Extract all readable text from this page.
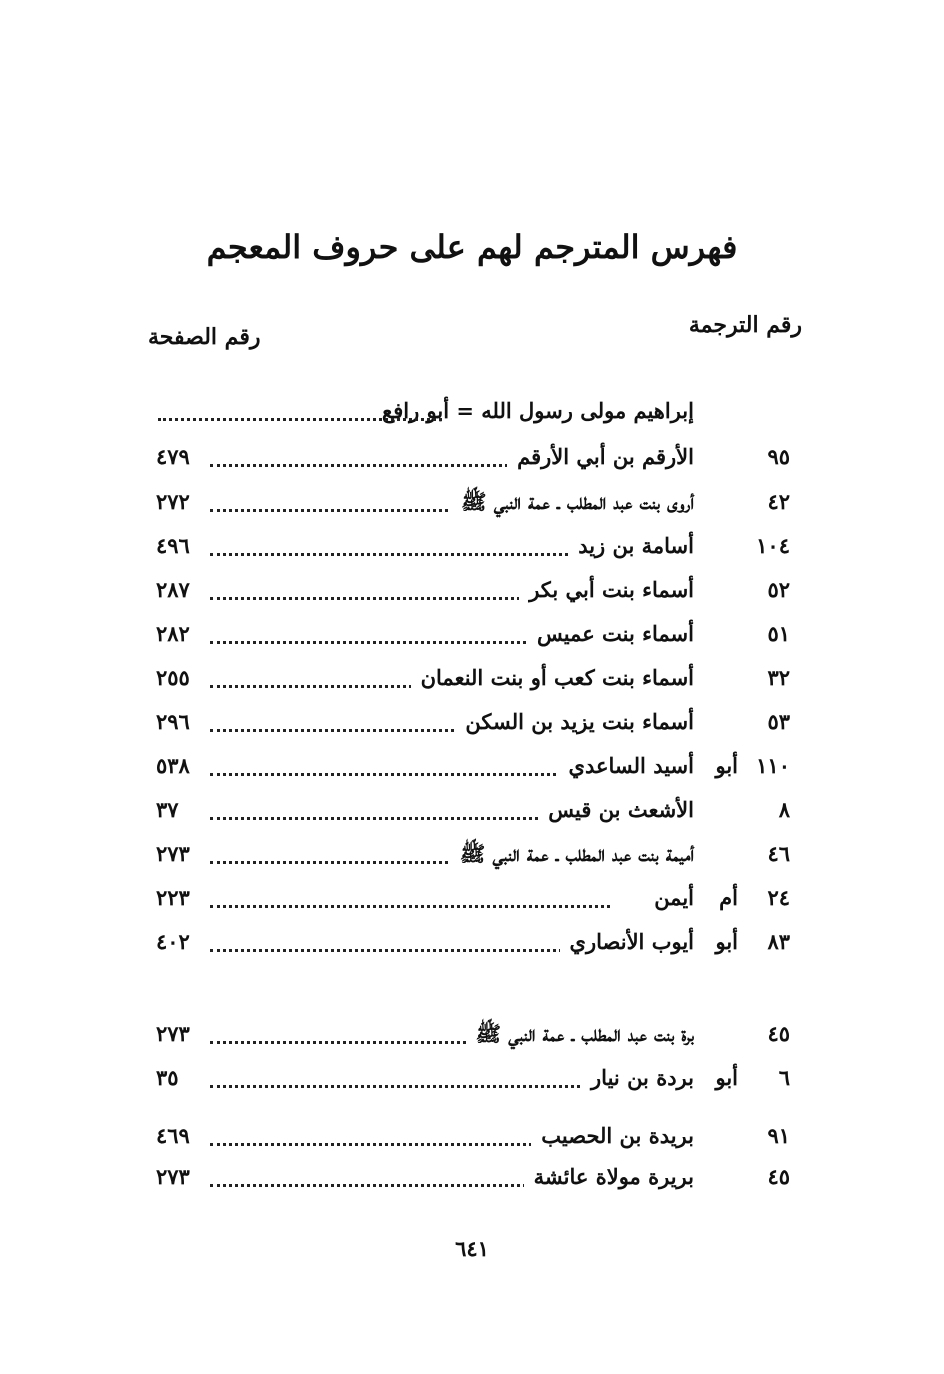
فهرس المترجم لهم على حروف المعجم
رقم الترجمة
رقم الصفحة
إبراهيم مولى رسول الله = أبو رافع
٩٥
الأرقم بن أبي الأرقم
٤٧٩
٤٢
أروى بنت عبد المطلب ـ عمة النبي ﷺ
٢٧٢
١٠٤
أسامة بن زيد
٤٩٦
٥٢
أسماء بنت أبي بكر
٢٨٧
٥١
أسماء بنت عميس
٢٨٢
٣٢
أسماء بنت كعب أو بنت النعمان
٢٥٥
٥٣
أسماء بنت يزيد بن السكن
٢٩٦
١١٠
أبو
أسيد الساعدي
٥٣٨
٨
الأشعث بن قيس
٣٧
٤٦
أميمة بنت عبد المطلب ـ عمة النبي ﷺ
٢٧٣
٢٤
أم
أيمن
٢٢٣
٨٣
أبو
أيوب الأنصاري
٤٠٢
٤٥
برة بنت عبد المطلب ـ عمة النبي ﷺ
٢٧٣
٦
أبو
بردة بن نيار
٣٥
٩١
بريدة بن الحصيب
٤٦٩
٤٥
بريرة مولاة عائشة
٢٧٣
٦٤١
